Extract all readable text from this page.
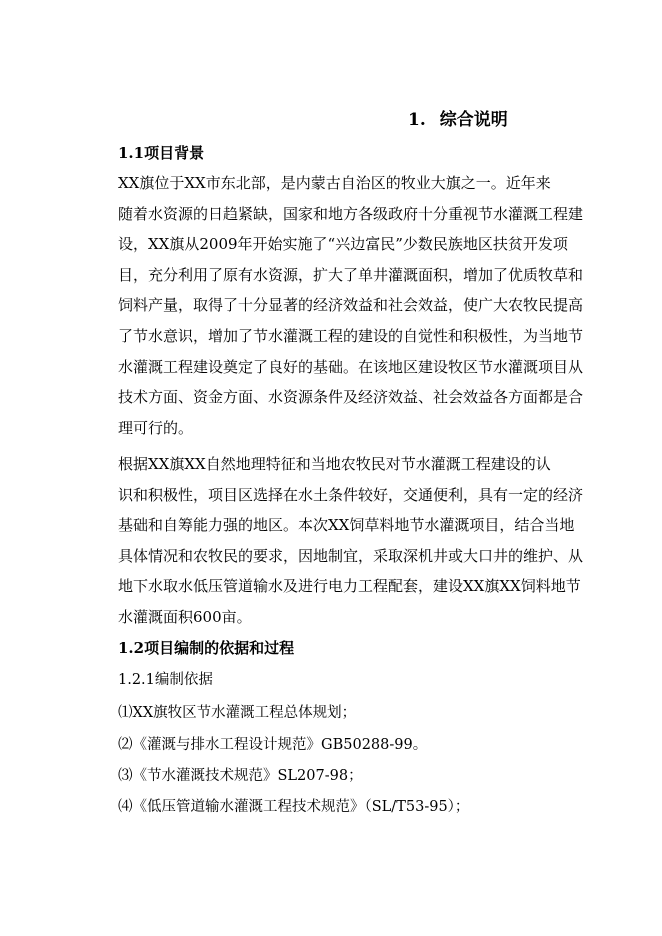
1. 综合说明
1.1项目背景
XX旗位于XX市东北部，是内蒙古自治区的牧业大旗之一。近年来
随着水资源的日趋紧缺，国家和地方各级政府十分重视节水灌溉工程建
设，XX旗从2009年开始实施了“兴边富民”少数民族地区扶贫开发项
目，充分利用了原有水资源，扩大了单井灌溉面积，增加了优质牧草和
饲料产量，取得了十分显著的经济效益和社会效益，使广大农牧民提高
了节水意识，增加了节水灌溉工程的建设的自觉性和积极性，为当地节
水灌溉工程建设奠定了良好的基础。在该地区建设牧区节水灌溉项目从
技术方面、资金方面、水资源条件及经济效益、社会效益各方面都是合
理可行的。
根据XX旗XX自然地理特征和当地农牧民对节水灌溉工程建设的认
识和积极性，项目区选择在水土条件较好，交通便利，具有一定的经济
基础和自筹能力强的地区。本次XX饲草料地节水灌溉项目，结合当地
具体情况和农牧民的要求，因地制宜，采取深机井或大口井的维护、从
地下水取水低压管道输水及进行电力工程配套，建设XX旗XX饲料地节
水灌溉面积600亩。
1.2项目编制的依据和过程
1.2.1编制依据
⑴XX旗牧区节水灌溉工程总体规划；
⑵《灌溉与排水工程设计规范》GB50288-99。
⑶《节水灌溉技术规范》SL207-98；
⑷《低压管道输水灌溉工程技术规范》（SL/T53-95）；
